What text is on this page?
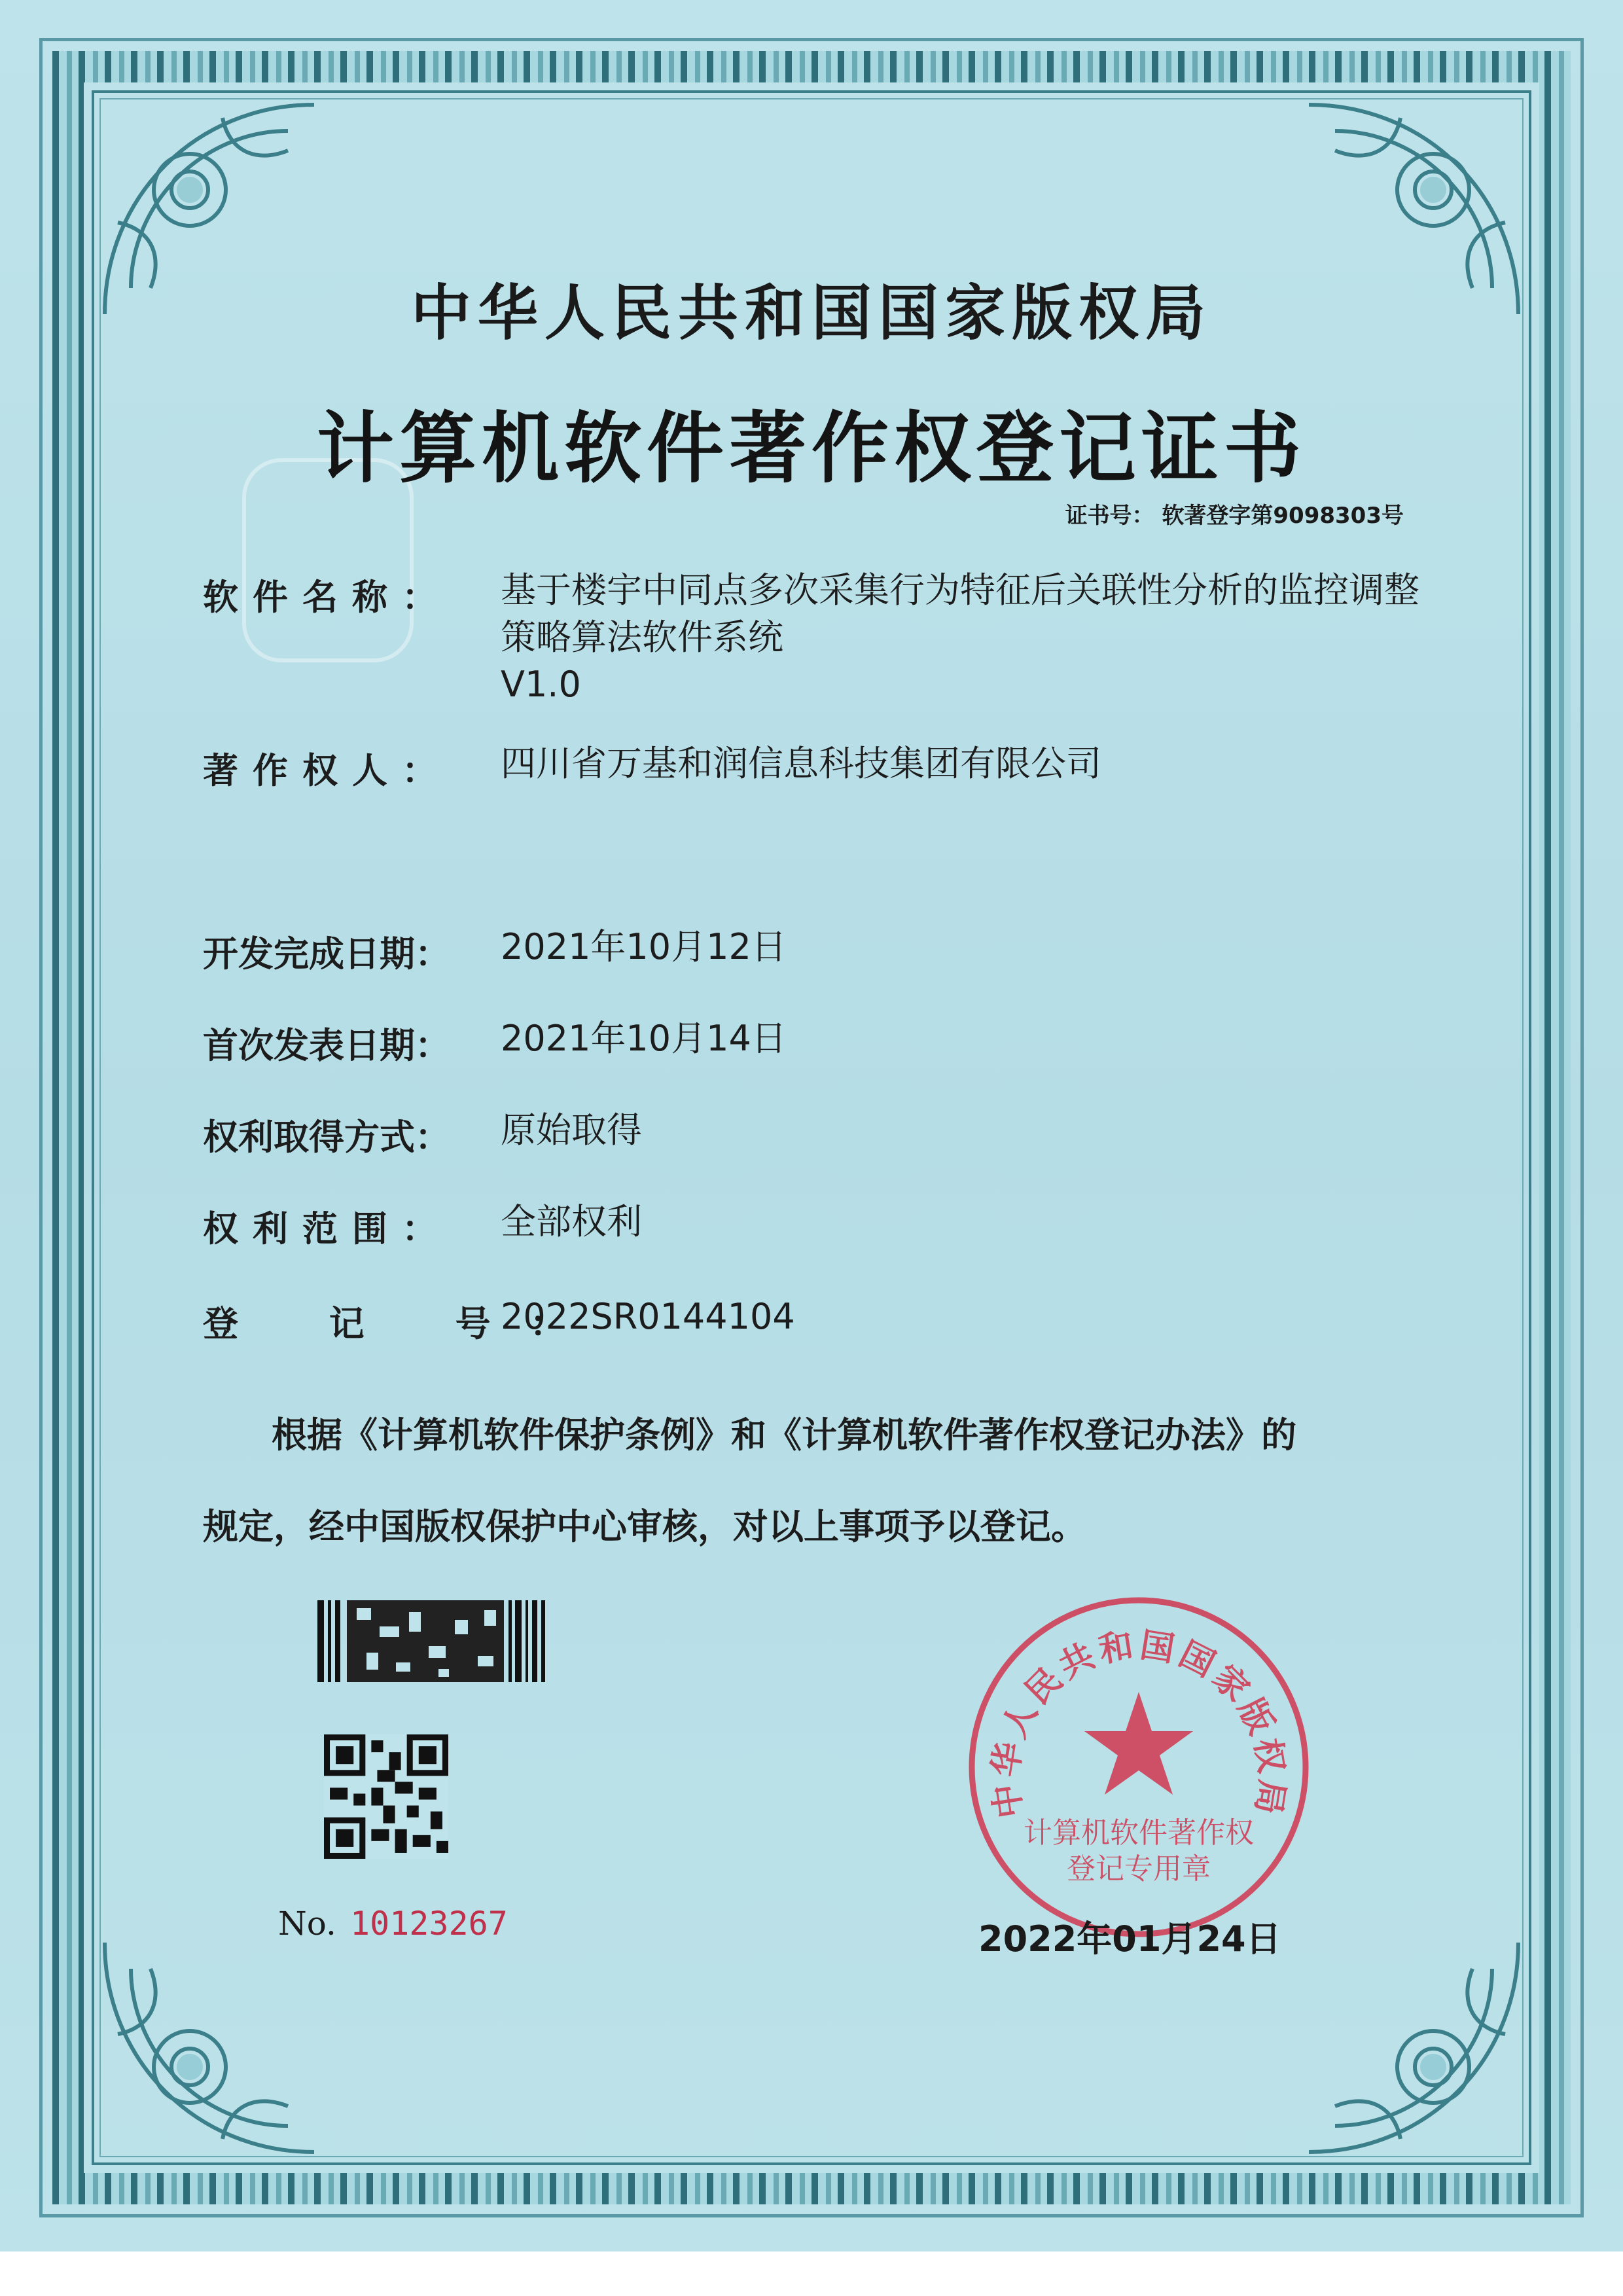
中华人民共和国国家版权局
计算机软件著作权登记证书
证书号： 软著登字第9098303号
软件名称： 基于楼宇中同点多次采集行为特征后关联性分析的监控调整策略算法软件系统
V1.0
著作权人： 四川省万基和润信息科技集团有限公司
开发完成日期： 2021年10月12日
首次发表日期： 2021年10月14日
权利取得方式： 原始取得
权利范围： 全部权利
登 记 号：
2022SR0144104
根据《计算机软件保护条例》和《计算机软件著作权登记办法》的
规定，经中国版权保护中心审核，对以上事项予以登记。
No. 10123267
中华人民共和国国家版权局
计算机软件著作权
登记专用章
2022年01月24日
